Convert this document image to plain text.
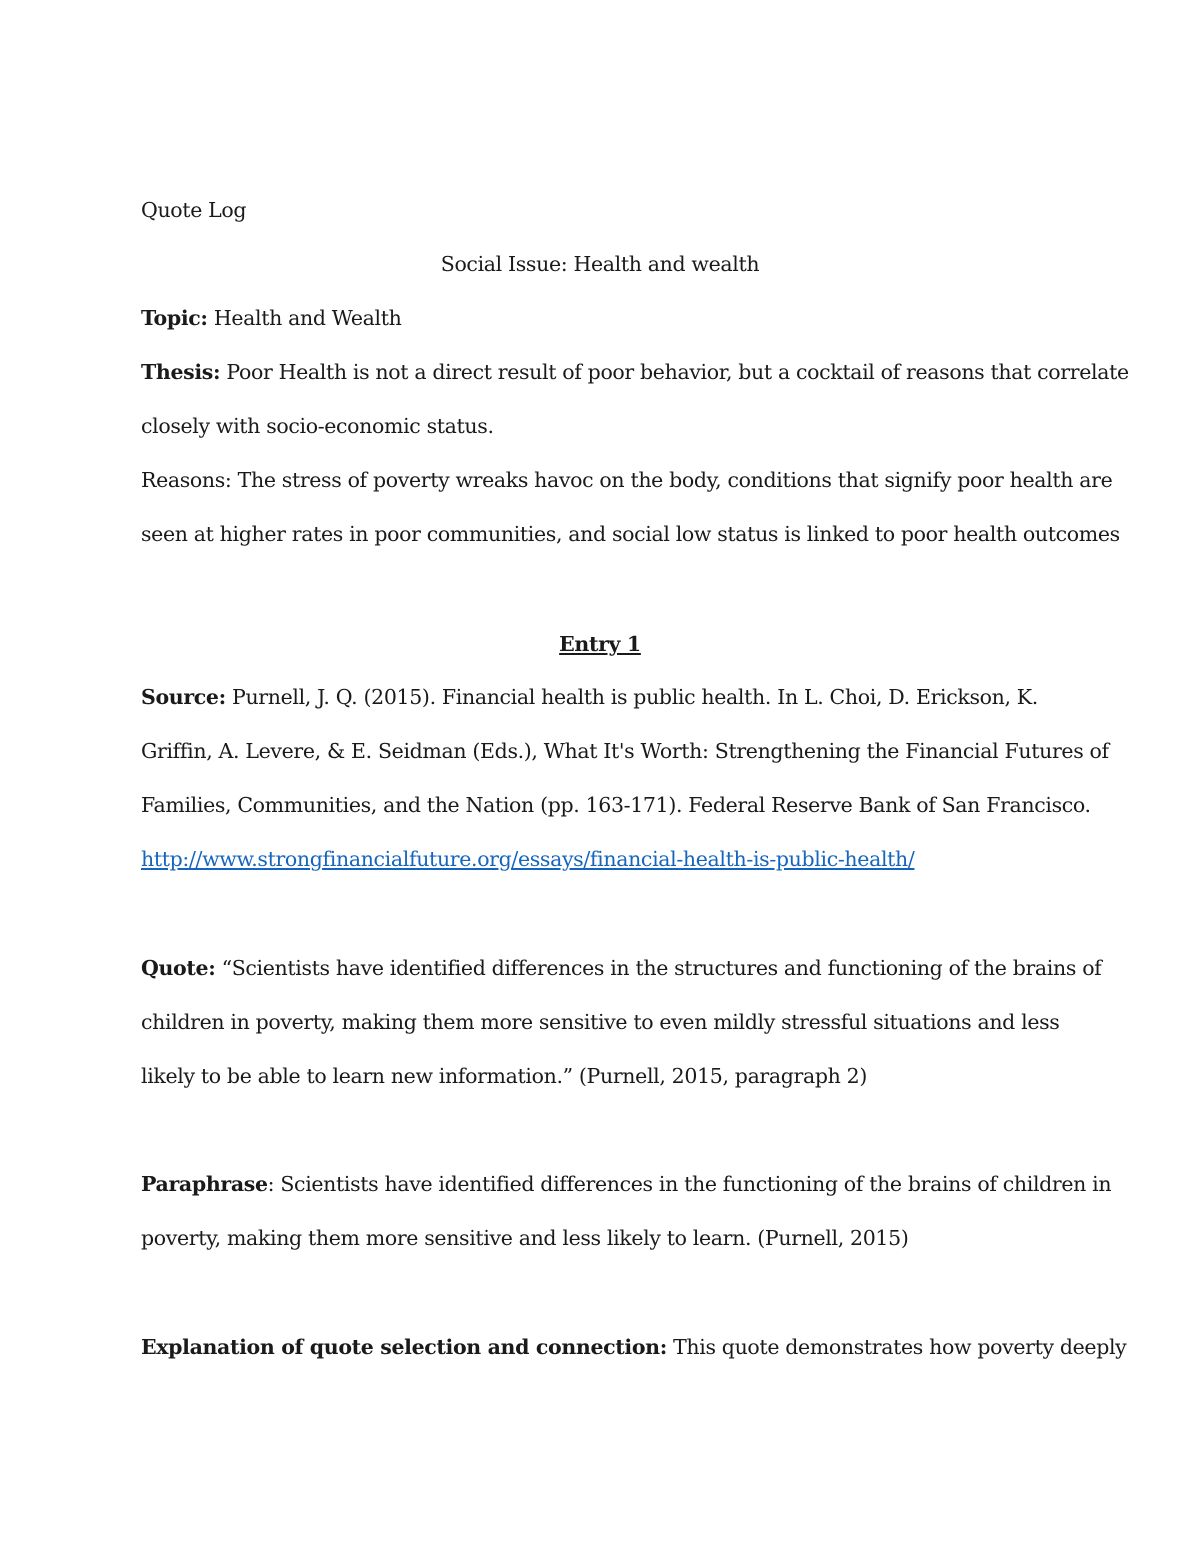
Quote Log
Social Issue: Health and wealth
Topic: Health and Wealth
Thesis: Poor Health is not a direct result of poor behavior, but a cocktail of reasons that correlate
closely with socio-economic status.
Reasons: The stress of poverty wreaks havoc on the body, conditions that signify poor health are
seen at higher rates in poor communities, and social low status is linked to poor health outcomes
Entry 1
Source: Purnell, J. Q. (2015). Financial health is public health. In L. Choi, D. Erickson, K.
Griffin, A. Levere, & E. Seidman (Eds.), What It's Worth: Strengthening the Financial Futures of
Families, Communities, and the Nation (pp. 163-171). Federal Reserve Bank of San Francisco.
http://www.strongfinancialfuture.org/essays/financial-health-is-public-health/
Quote: “Scientists have identified differences in the structures and functioning of the brains of
children in poverty, making them more sensitive to even mildly stressful situations and less
likely to be able to learn new information.” (Purnell, 2015, paragraph 2)
Paraphrase: Scientists have identified differences in the functioning of the brains of children in
poverty, making them more sensitive and less likely to learn. (Purnell, 2015)
Explanation of quote selection and connection: This quote demonstrates how poverty deeply
